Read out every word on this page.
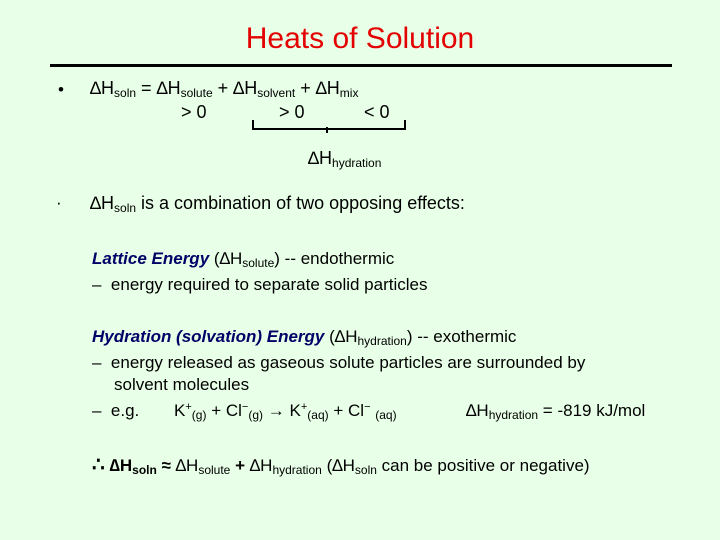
Heats of Solution
• $\Delta H_{soln} = \Delta H_{solute} + \Delta H_{solvent} + \Delta H_{mix}$
> 0	> 0	< 0
$\Delta H_{hydration}$
· $\Delta H_{soln}$ is a combination of two opposing effects:
Lattice Energy $(\Delta H_{solute})$ -- endothermic
– energy required to separate solid particles
Hydration (solvation) Energy $(\Delta H_{hydration})$ -- exothermic
– energy released as gaseous solute particles are surrounded by
solvent molecules
– e.g. $K^+_{(g)} + Cl^-_{(g)} \to K^+_{(aq)} + Cl^-$ $_{(aq)}$	$\Delta H_{hydration} = -819$ kJ/mol
∴ $\Delta H_{soln} \approx \Delta H_{solute} + \Delta H_{hydration}$ ($\Delta H_{soln}$ can be positive or negative)
